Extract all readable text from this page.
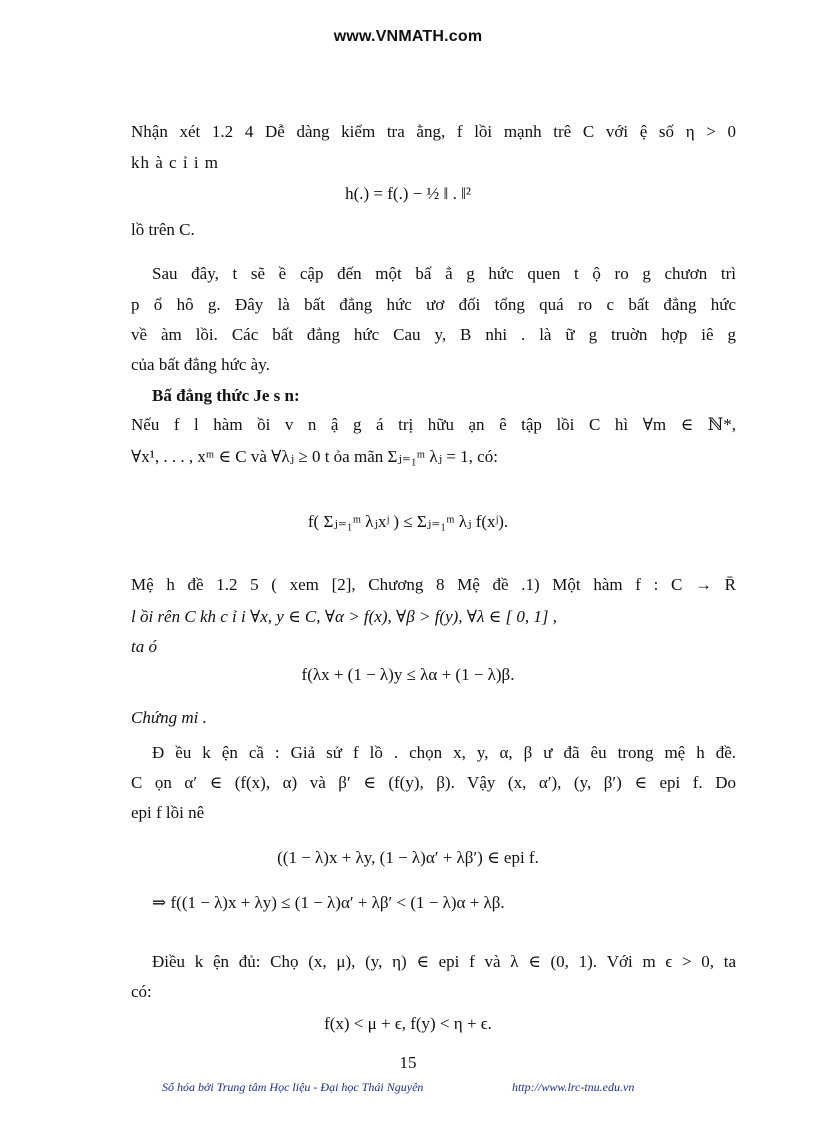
www.VNMATH.com
Nhận xét 1.2 4 Dễ dàng kiểm tra ằng, f lồi mạnh trê C với ệ số η > 0
kh à c ỉ i m
h(.) = f(.) − ½ ‖ . ‖²
lồ trên C.
Sau đây, t sẽ ề cập đến một bấ ẳ g hức quen t ộ ro g chươn trì
p ổ hô g. Đây là bất đẳng hức ươ đối tổng quá ro c bất đẳng hức
về àm lồi. Các bất đẳng hức Cau y, B nhi . là ữ g truờn hợp iê g
của bất đẳng hức ày.
Bấ đẳng thức Je s n:
Nếu f l hàm ồi v n ậ g á trị hữu ạn ê tập lồi C hì ∀m ∈ ℕ*,
∀x¹, . . . , xᵐ ∈ C và ∀λⱼ ≥ 0 t ỏa mãn Σⱼ₌₁ᵐ λⱼ = 1, có:
f( Σⱼ₌₁ᵐ λⱼxʲ ) ≤ Σⱼ₌₁ᵐ λⱼ f(xʲ).
Mệ h đề 1.2 5 ( xem [2], Chương 8 Mệ đề .1) Một hàm f : C → R̄
l ồi rên C kh c ỉ i ∀x, y ∈ C, ∀α > f(x), ∀β > f(y), ∀λ ∈ [ 0, 1] ,
ta ó
f(λx + (1 − λ)y ≤ λα + (1 − λ)β.
Chứng mi .
Đ ều k ện cầ : Giả sử f lồ . chọn x, y, α, β ư đã êu trong mệ h đề.
C ọn α′ ∈ (f(x), α) và β′ ∈ (f(y), β). Vậy (x, α′), (y, β′) ∈ epi f. Do
epi f lồi nê
((1 − λ)x + λy, (1 − λ)α′ + λβ′) ∈ epi f.
⇒ f((1 − λ)x + λy) ≤ (1 − λ)α′ + λβ′ < (1 − λ)α + λβ.
Điều k ện đủ: Chọ (x, μ), (y, η) ∈ epi f và λ ∈ (0, 1). Với m ϵ > 0, ta
có:
f(x) < μ + ϵ, f(y) < η + ϵ.
15
Số hóa bởi Trung tâm Học liệu - Đại học Thái Nguyên	http://www.lrc-tnu.edu.vn
